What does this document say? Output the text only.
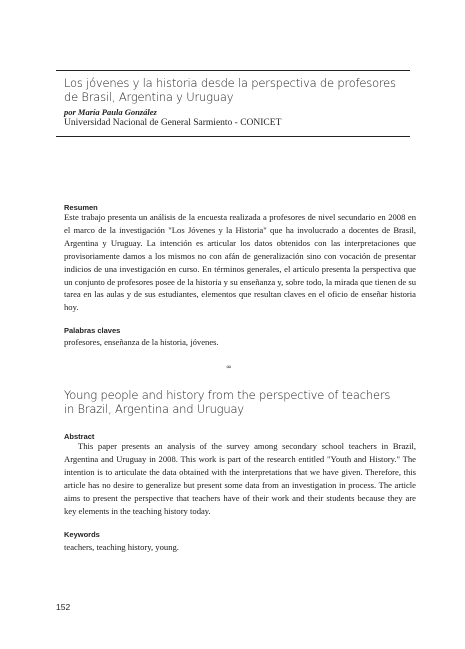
Los jóvenes y la historia desde la perspectiva de profesores
de Brasil, Argentina y Uruguay
por María Paula González
Universidad Nacional de General Sarmiento - CONICET
Resumen

Este trabajo presenta un análisis de la encuesta realizada a profesores de nivel secundario en 2008 en el marco de la investigación "Los Jóvenes y la Historia" que ha involucrado a docentes de Brasil, Argentina y Uruguay. La intención es articular los datos obtenidos con las interpretaciones que provisoriamente damos a los mismos no con afán de generalización sino con vocación de presentar indicios de una investigación en curso. En términos generales, el artículo presenta la perspectiva que un conjunto de profesores posee de la historia y su enseñanza y, sobre todo, la mirada que tienen de su tarea en las aulas y de sus estudiantes, elementos que resultan claves en el oficio de enseñar historia hoy.

Palabras claves
profesores, enseñanza de la historia, jóvenes.
∞
Young people and history from the perspective of teachers
in Brazil, Argentina and Uruguay
Abstract

This paper presents an analysis of the survey among secondary school teachers in Brazil, Argentina and Uruguay in 2008. This work is part of the research entitled "Youth and History." The intention is to articulate the data obtained with the interpretations that we have given. Therefore, this article has no desire to generalize but present some data from an investigation in process. The article aims to present the perspective that teachers have of their work and their students because they are key elements in the teaching history today.

Keywords
teachers, teaching history, young.
152
